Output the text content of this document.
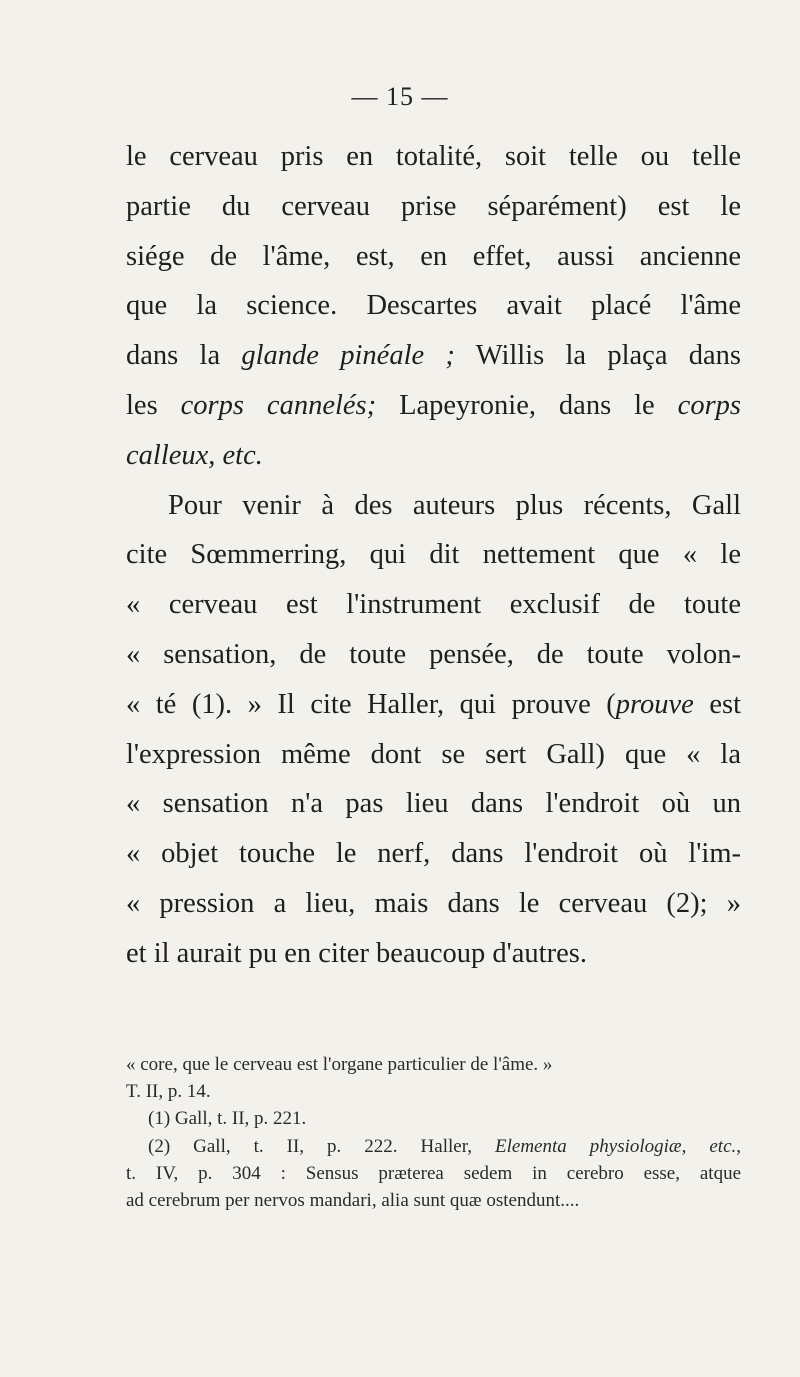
— 15 —
le cerveau pris en totalité, soit telle ou telle
partie du cerveau prise séparément) est le
siége de l'âme, est, en effet, aussi ancienne
que la science. Descartes avait placé l'âme
dans la glande pinéale ; Willis la plaça dans
les corps cannelés; Lapeyronie, dans le corps
calleux, etc.
Pour venir à des auteurs plus récents, Gall
cite Sœmmerring, qui dit nettement que « le
« cerveau est l'instrument exclusif de toute
« sensation, de toute pensée, de toute volon-
« té (1). » Il cite Haller, qui prouve (prouve est
l'expression même dont se sert Gall) que « la
« sensation n'a pas lieu dans l'endroit où un
« objet touche le nerf, dans l'endroit où l'im-
« pression a lieu, mais dans le cerveau (2); »
et il aurait pu en citer beaucoup d'autres.
« core, que le cerveau est l'organe particulier de l'âme. »
T. II, p. 14.
(1) Gall, t. II, p. 221.
(2) Gall, t. II, p. 222. Haller, Elementa physiologiæ, etc.,
t. IV, p. 304 : Sensus præterea sedem in cerebro esse, atque
ad cerebrum per nervos mandari, alia sunt quæ ostendunt....
